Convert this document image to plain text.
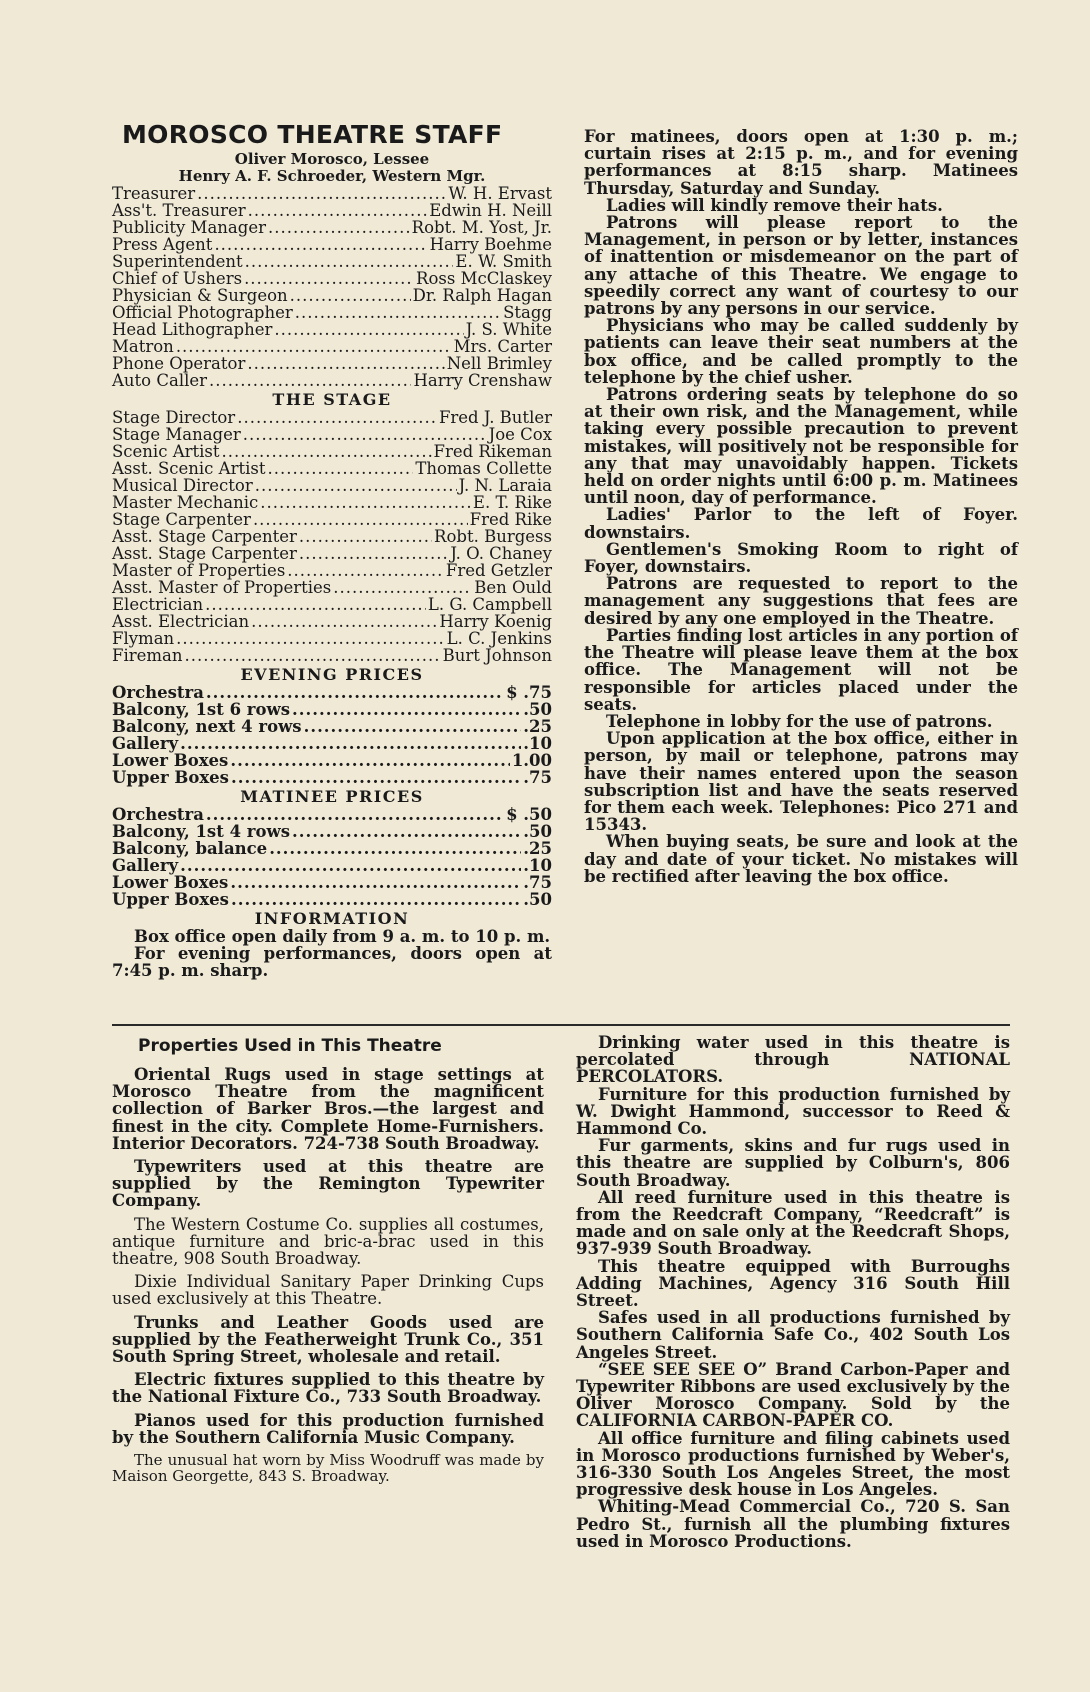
MOROSCO THEATRE STAFF
Oliver Morosco, Lessee
Henry A. F. Schroeder, Western Mgr.
Treasurer .....	W. H. Ervast
Ass't. Treasurer .....	Edwin H. Neill
Publicity Manager .....	Robt. M. Yost, Jr.
Press Agent .....	Harry Boehme
Superintendent .....	E. W. Smith
Chief of Ushers .....	Ross McClaskey
Physician & Surgeon .....	Dr. Ralph Hagan
Official Photographer .....	Stagg
Head Lithographer .....	J. S. White
Matron .....	Mrs. Carter
Phone Operator .....	Nell Brimley
Auto Caller .....	Harry Crenshaw
THE STAGE
Stage Director .....	Fred J. Butler
Stage Manager .....	Joe Cox
Scenic Artist .....	Fred Rikeman
Asst. Scenic Artist .....	Thomas Collette
Musical Director .....	J. N. Laraia
Master Mechanic .....	E. T. Rike
Stage Carpenter .....	Fred Rike
Asst. Stage Carpenter .....	Robt. Burgess
Asst. Stage Carpenter .....	J. O. Chaney
Master of Properties .....	Fred Getzler
Asst. Master of Properties .....	Ben Ould
Electrician .....	L. G. Campbell
Asst. Electrician .....	Harry Koenig
Flyman .....	L. C. Jenkins
Fireman .....	Burt Johnson
EVENING PRICES
Orchestra .....	$ .75
Balcony, 1st 6 rows .....	.50
Balcony, next 4 rows .....	.25
Gallery .....	.10
Lower Boxes .....	1.00
Upper Boxes .....	.75
MATINEE PRICES
Orchestra .....	$ .50
Balcony, 1st 4 rows .....	.50
Balcony, balance .....	.25
Gallery .....	.10
Lower Boxes .....	.75
Upper Boxes .....	.50
INFORMATION

Box office open daily from 9 a. m. to 10 p. m.

For evening performances, doors open at 7:45 p. m. sharp.

For matinees, doors open at 1:30 p. m.; curtain rises at 2:15 p. m., and for evening performances at 8:15 sharp. Matinees Thursday, Saturday and Sunday.

Ladies will kindly remove their hats.

Patrons will please report to the Management, in person or by letter, instances of inattention or misdemeanor on the part of any attache of this Theatre. We engage to speedily correct any want of courtesy to our patrons by any persons in our service.

Physicians who may be called suddenly by patients can leave their seat numbers at the box office, and be called promptly to the telephone by the chief usher.

Patrons ordering seats by telephone do so at their own risk, and the Management, while taking every possible precaution to prevent mistakes, will positively not be responsible for any that may unavoidably happen. Tickets held on order nights until 6:00 p. m. Matinees until noon, day of performance.

Ladies' Parlor to the left of Foyer. downstairs.

Gentlemen's Smoking Room to right of Foyer, downstairs.

Patrons are requested to report to the management any suggestions that fees are desired by any one employed in the Theatre.

Parties finding lost articles in any portion of the Theatre will please leave them at the box office. The Management will not be responsible for articles placed under the seats.

Telephone in lobby for the use of patrons.

Upon application at the box office, either in person, by mail or telephone, patrons may have their names entered upon the season subscription list and have the seats reserved for them each week. Telephones: Pico 271 and 15343.

When buying seats, be sure and look at the day and date of your ticket. No mistakes will be rectified after leaving the box office.

Properties Used in This Theatre

Oriental Rugs used in stage settings at Morosco Theatre from the magnificent collection of Barker Bros.—the largest and finest in the city. Complete Home-Furnishers. Interior Decorators. 724-738 South Broadway.

Typewriters used at this theatre are supplied by the Remington Typewriter Company.

The Western Costume Co. supplies all costumes, antique furniture and bric-a-brac used in this theatre, 908 South Broadway.

Dixie Individual Sanitary Paper Drinking Cups used exclusively at this Theatre.

Trunks and Leather Goods used are supplied by the Featherweight Trunk Co., 351 South Spring Street, wholesale and retail.

Electric fixtures supplied to this theatre by the National Fixture Co., 733 South Broadway.

Pianos used for this production furnished by the Southern California Music Company.

The unusual hat worn by Miss Woodruff was made by Maison Georgette, 843 S. Broadway.

Drinking water used in this theatre is percolated through NATIONAL PERCOLATORS.

Furniture for this production furnished by W. Dwight Hammond, successor to Reed & Hammond Co.

Fur garments, skins and fur rugs used in this theatre are supplied by Colburn's, 806 South Broadway.

All reed furniture used in this theatre is from the Reedcraft Company, “Reedcraft” is made and on sale only at the Reedcraft Shops, 937-939 South Broadway.

This theatre equipped with Burroughs Adding Machines, Agency 316 South Hill Street.

Safes used in all productions furnished by Southern California Safe Co., 402 South Los Angeles Street.

“SEE SEE SEE O” Brand Carbon-Paper and Typewriter Ribbons are used exclusively by the Oliver Morosco Company. Sold by the CALIFORNIA CARBON-PAPER CO.

All office furniture and filing cabinets used in Morosco productions furnished by Weber's, 316-330 South Los Angeles Street, the most progressive desk house in Los Angeles.

Whiting-Mead Commercial Co., 720 S. San Pedro St., furnish all the plumbing fixtures used in Morosco Productions.
